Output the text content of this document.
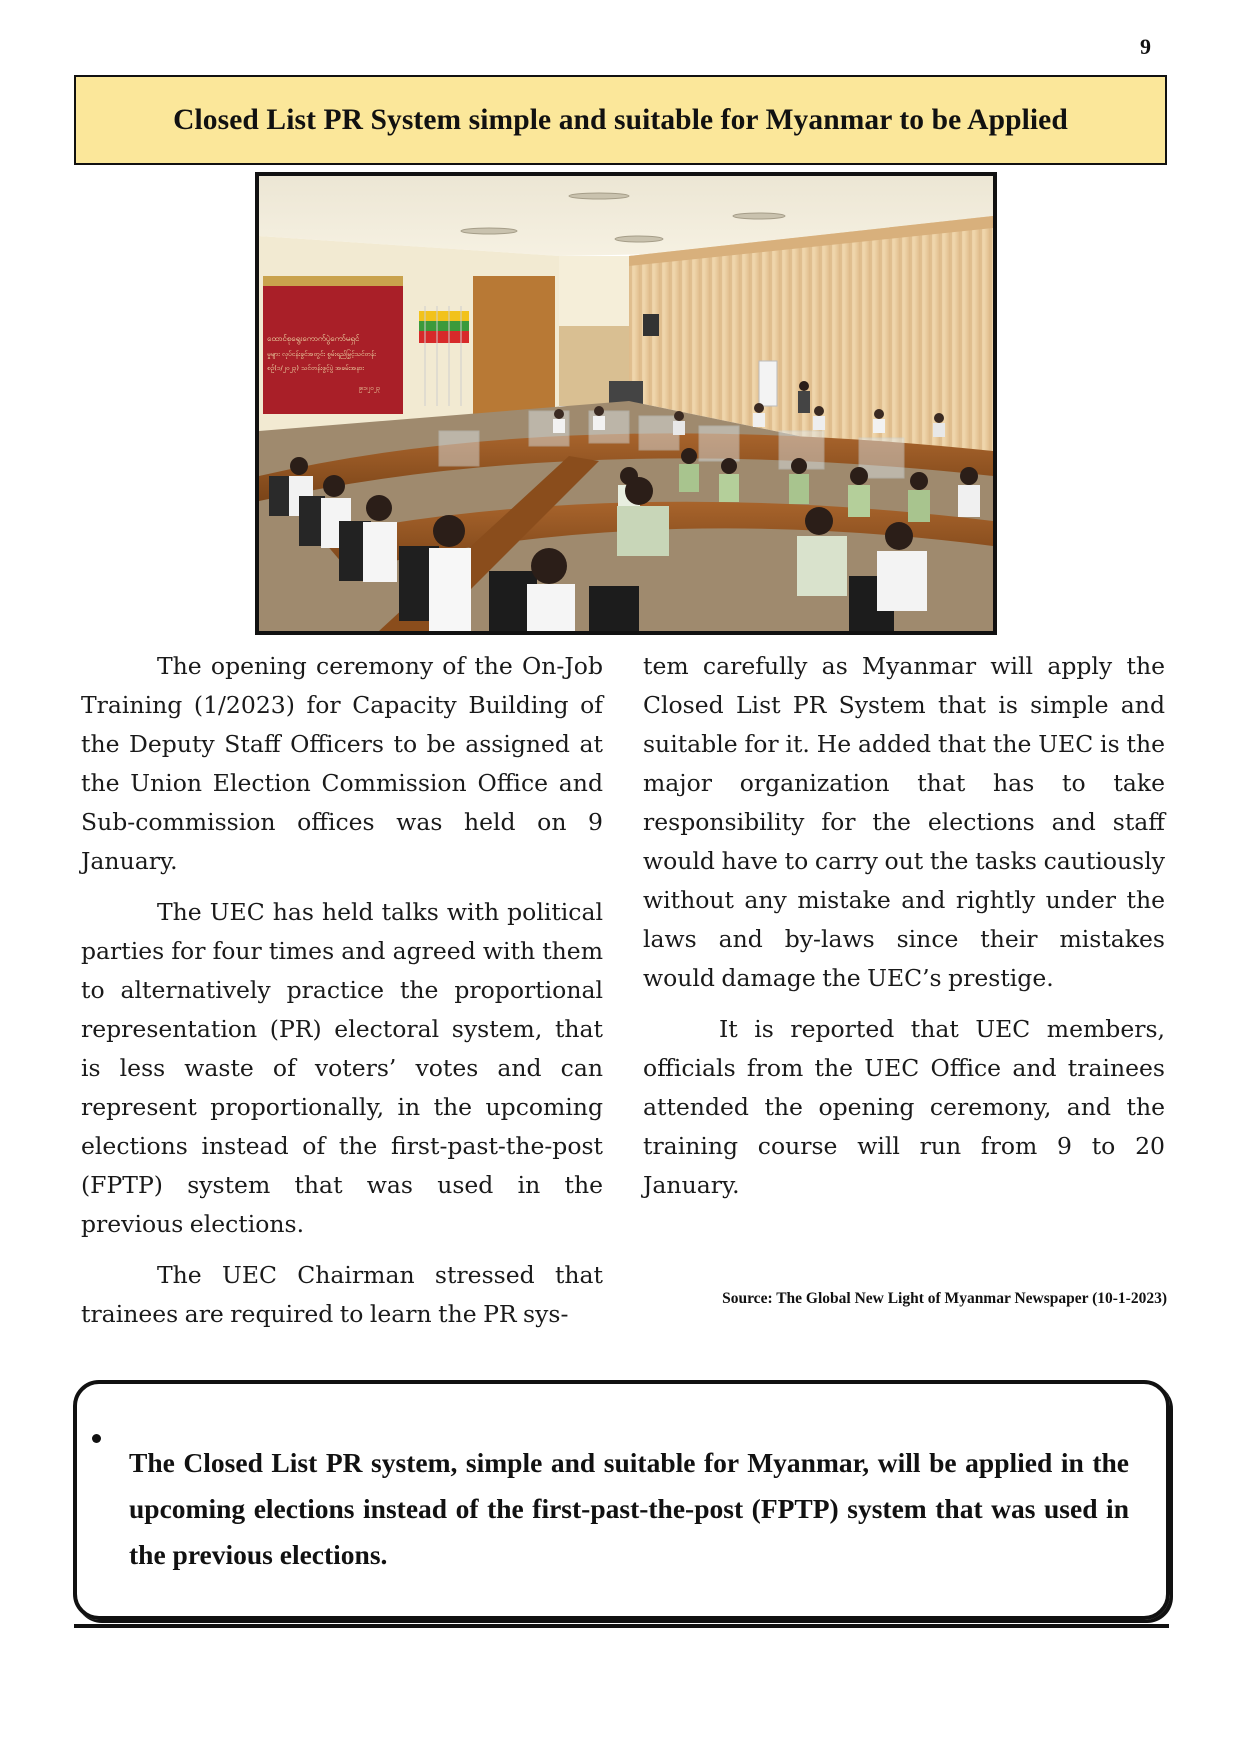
9
Closed List PR System simple and suitable for Myanmar to be Applied
ထောင်စုရွေးကောက်ပွဲကော်မရှင်
မှုများ လုပ်ငန်းခွင်အတွင်း စွမ်းရည်မြှင့်သင်တန်း
စဉ်(၁/၂၀၂၃) သင်တန်းဖွင့်ပွဲ အခမ်းအနား
၉၊၁၊၂၀၂၃

The opening ceremony of the On-Job Training (1/2023) for Capacity Building of the Deputy Staff Officers to be assigned at the Union Election Commission Office and Sub-commission offices was held on 9 January.

The UEC has held talks with political parties for four times and agreed with them to alternatively practice the proportional representation (PR) electoral system, that is less waste of voters’ votes and can represent proportionally, in the upcoming elections instead of the first-past-the-post (FPTP) system that was used in the previous elections.

The UEC Chairman stressed that trainees are required to learn the PR sys-

tem carefully as Myanmar will apply the Closed List PR System that is simple and suitable for it. He added that the UEC is the major organization that has to take responsibility for the elections and staff would have to carry out the tasks cautiously without any mistake and rightly under the laws and by-laws since their mistakes would damage the UEC’s prestige.

It is reported that UEC members, officials from the UEC Office and trainees attended the opening ceremony, and the training course will run from 9 to 20 January.

Source: The Global New Light of Myanmar Newspaper (10-1-2023)
The Closed List PR system, simple and suitable for Myanmar, will be applied in the upcoming elections instead of the first-past-the-post (FPTP) system that was used in the previous elections.
